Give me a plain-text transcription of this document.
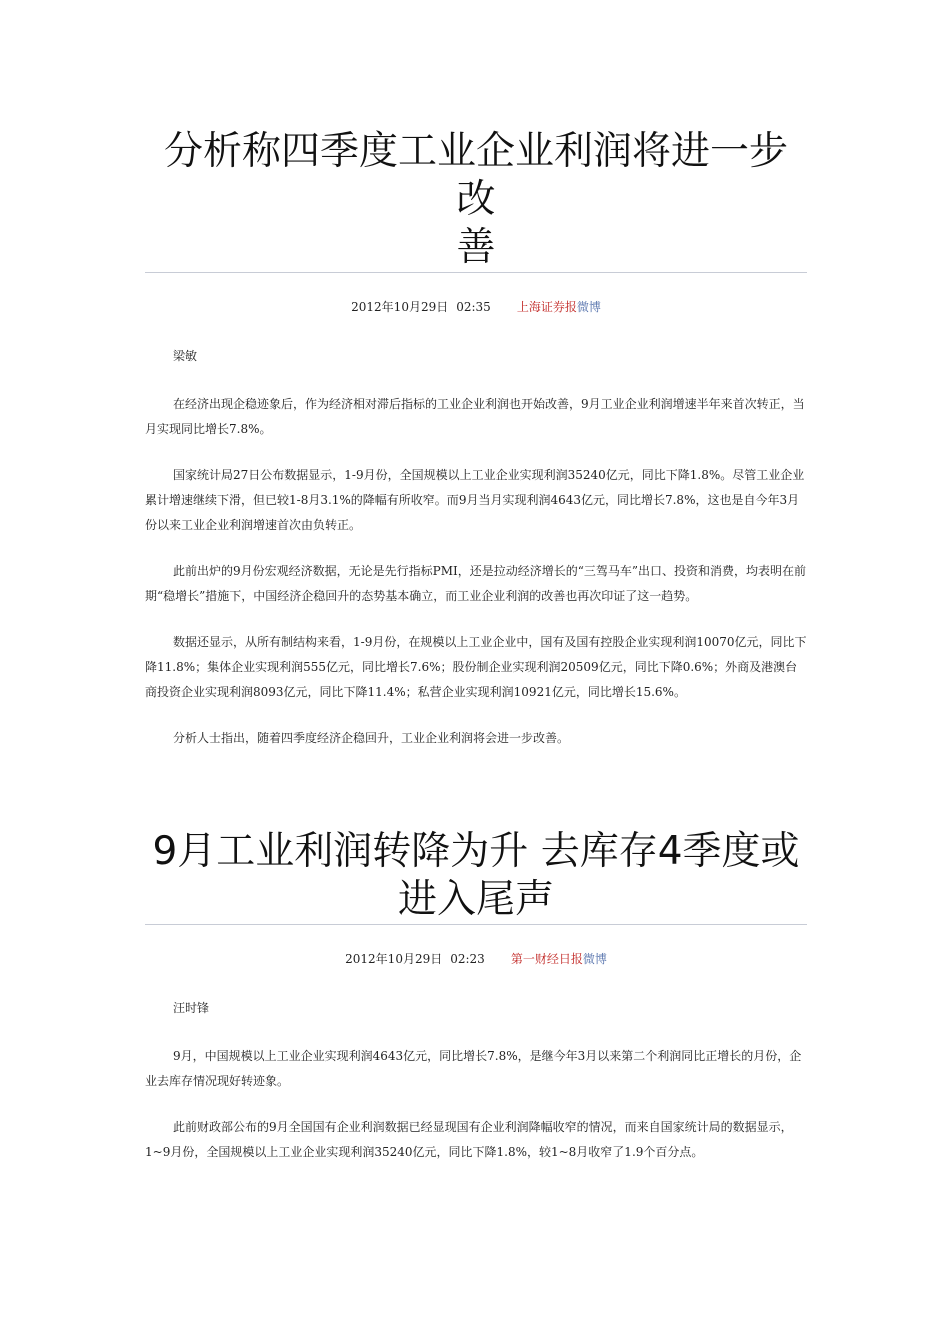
分析称四季度工业企业利润将进一步改
善
2012年10月29日 02:35 上海证券报微博

梁敏

在经济出现企稳迹象后，作为经济相对滞后指标的工业企业利润也开始改善，9月工业企业利润增速半年来首次转正，当月实现同比增长7.8%。

国家统计局27日公布数据显示，1-9月份，全国规模以上工业企业实现利润35240亿元，同比下降1.8%。尽管工业企业累计增速继续下滑，但已较1-8月3.1%的降幅有所收窄。而9月当月实现利润4643亿元，同比增长7.8%，这也是自今年3月份以来工业企业利润增速首次由负转正。

此前出炉的9月份宏观经济数据，无论是先行指标PMI，还是拉动经济增长的“三驾马车”出口、投资和消费，均表明在前期“稳增长”措施下，中国经济企稳回升的态势基本确立，而工业企业利润的改善也再次印证了这一趋势。

数据还显示，从所有制结构来看，1-9月份，在规模以上工业企业中，国有及国有控股企业实现利润10070亿元，同比下降11.8%；集体企业实现利润555亿元，同比增长7.6%；股份制企业实现利润20509亿元，同比下降0.6%；外商及港澳台商投资企业实现利润8093亿元，同比下降11.4%；私营企业实现利润10921亿元，同比增长15.6%。

分析人士指出，随着四季度经济企稳回升，工业企业利润将会进一步改善。

9月工业利润转降为升 去库存4季度或
进入尾声
2012年10月29日 02:23 第一财经日报微博

汪时锋

9月，中国规模以上工业企业实现利润4643亿元，同比增长7.8%，是继今年3月以来第二个利润同比正增长的月份，企业去库存情况现好转迹象。

此前财政部公布的9月全国国有企业利润数据已经显现国有企业利润降幅收窄的情况，而来自国家统计局的数据显示，1~9月份，全国规模以上工业企业实现利润35240亿元，同比下降1.8%，较1~8月收窄了1.9个百分点。
